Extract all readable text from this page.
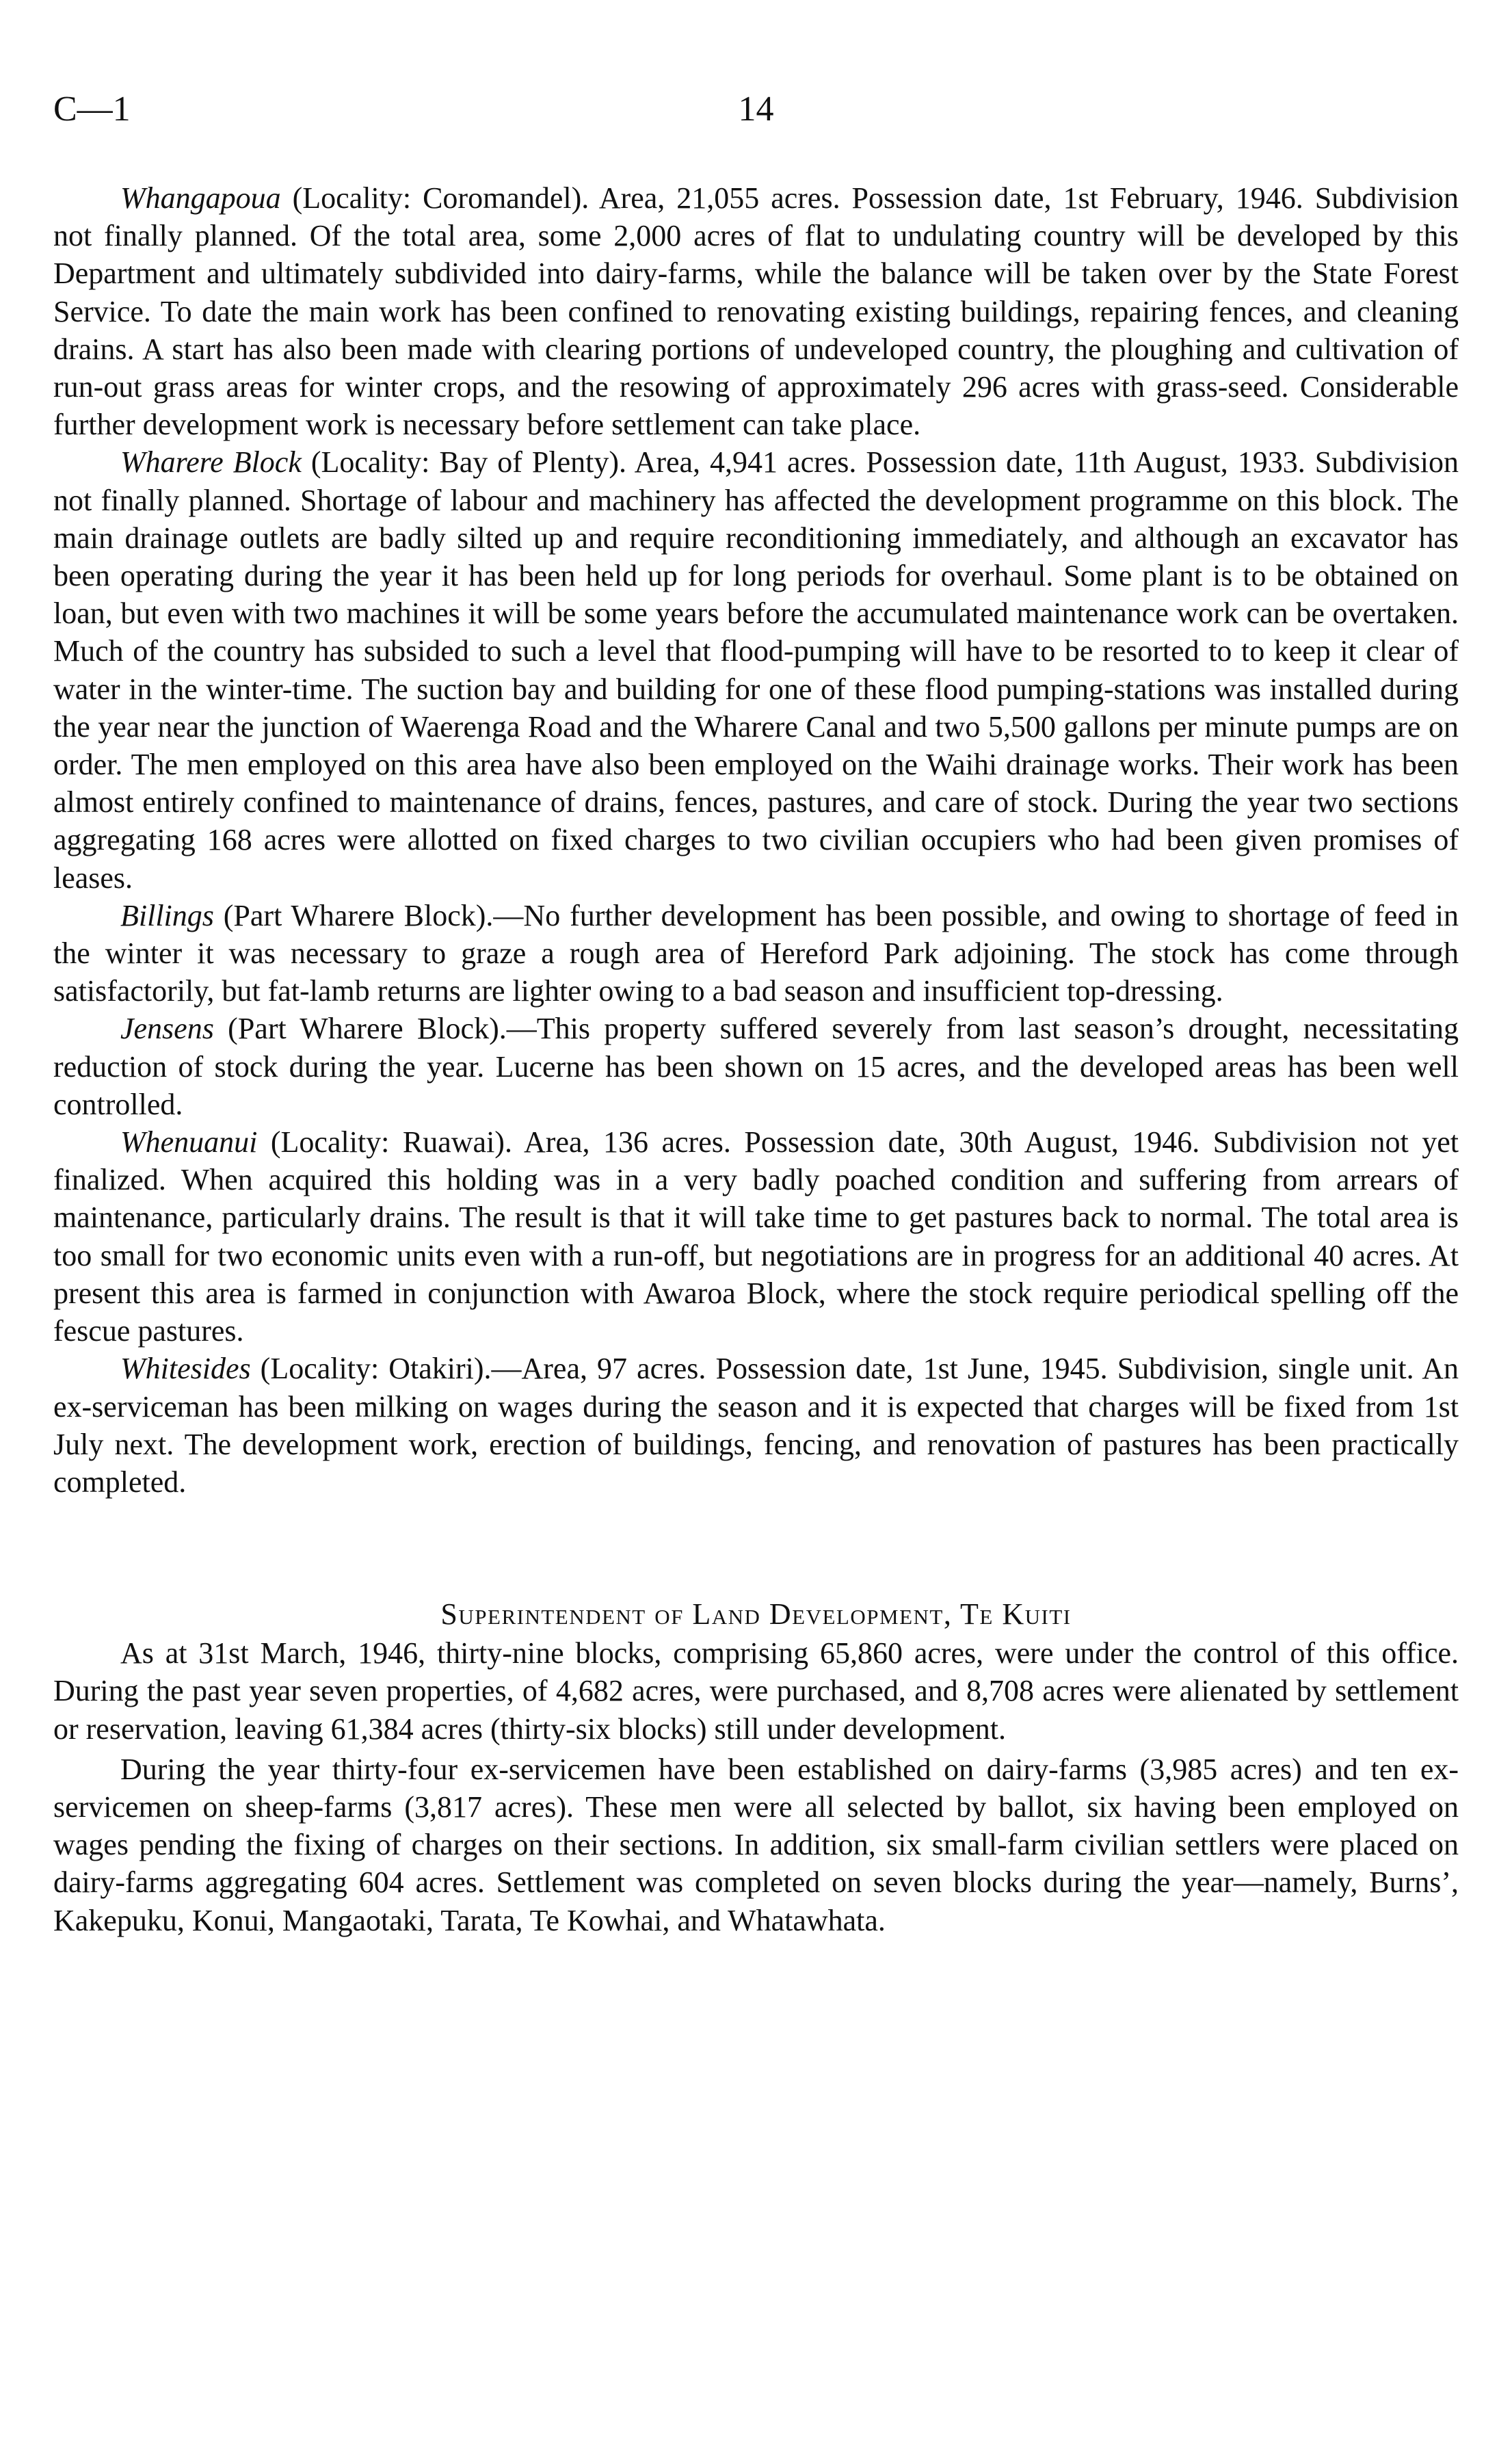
C—1	14

Whangapoua (Locality: Coromandel). Area, 21,055 acres. Possession date, 1st February, 1946. Subdivision not finally planned. Of the total area, some 2,000 acres of flat to undulating country will be developed by this Department and ultimately subdivided into dairy-farms, while the balance will be taken over by the State Forest Service. To date the main work has been confined to renovating existing buildings, repairing fences, and cleaning drains. A start has also been made with clearing portions of undeveloped country, the ploughing and cultivation of run-out grass areas for winter crops, and the resowing of approximately 296 acres with grass-seed. Considerable further development work is necessary before settlement can take place.

Wharere Block (Locality: Bay of Plenty). Area, 4,941 acres. Possession date, 11th August, 1933. Subdivision not finally planned. Shortage of labour and machinery has affected the development programme on this block. The main drainage outlets are badly silted up and require reconditioning immediately, and although an excavator has been operating during the year it has been held up for long periods for overhaul. Some plant is to be obtained on loan, but even with two machines it will be some years before the accumulated maintenance work can be overtaken. Much of the country has subsided to such a level that flood-pumping will have to be resorted to to keep it clear of water in the winter-time. The suction bay and building for one of these flood pumping-stations was installed during the year near the junction of Waerenga Road and the Wharere Canal and two 5,500 gallons per minute pumps are on order. The men employed on this area have also been employed on the Waihi drainage works. Their work has been almost entirely confined to maintenance of drains, fences, pastures, and care of stock. During the year two sections aggregating 168 acres were allotted on fixed charges to two civilian occupiers who had been given promises of leases.

Billings (Part Wharere Block).—No further development has been possible, and owing to shortage of feed in the winter it was necessary to graze a rough area of Hereford Park adjoining. The stock has come through satisfactorily, but fat-lamb returns are lighter owing to a bad season and insufficient top-dressing.

Jensens (Part Wharere Block).—This property suffered severely from last season’s drought, necessitating reduction of stock during the year. Lucerne has been shown on 15 acres, and the developed areas has been well controlled.

Whenuanui (Locality: Ruawai). Area, 136 acres. Possession date, 30th August, 1946. Subdivision not yet finalized. When acquired this holding was in a very badly poached condition and suffering from arrears of maintenance, particularly drains. The result is that it will take time to get pastures back to normal. The total area is too small for two economic units even with a run-off, but negotiations are in progress for an additional 40 acres. At present this area is farmed in conjunction with Awaroa Block, where the stock require periodical spelling off the fescue pastures.

Whitesides (Locality: Otakiri).—Area, 97 acres. Possession date, 1st June, 1945. Subdivision, single unit. An ex-serviceman has been milking on wages during the season and it is expected that charges will be fixed from 1st July next. The development work, erection of buildings, fencing, and renovation of pastures has been practically completed.

Superintendent of Land Development, Te Kuiti

As at 31st March, 1946, thirty-nine blocks, comprising 65,860 acres, were under the control of this office. During the past year seven properties, of 4,682 acres, were purchased, and 8,708 acres were alienated by settlement or reservation, leaving 61,384 acres (thirty-six blocks) still under development.

During the year thirty-four ex-servicemen have been established on dairy-farms (3,985 acres) and ten ex-servicemen on sheep-farms (3,817 acres). These men were all selected by ballot, six having been employed on wages pending the fixing of charges on their sections. In addition, six small-farm civilian settlers were placed on dairy-farms aggregating 604 acres. Settlement was completed on seven blocks during the year—namely, Burns’, Kakepuku, Konui, Mangaotaki, Tarata, Te Kowhai, and Whatawhata.
